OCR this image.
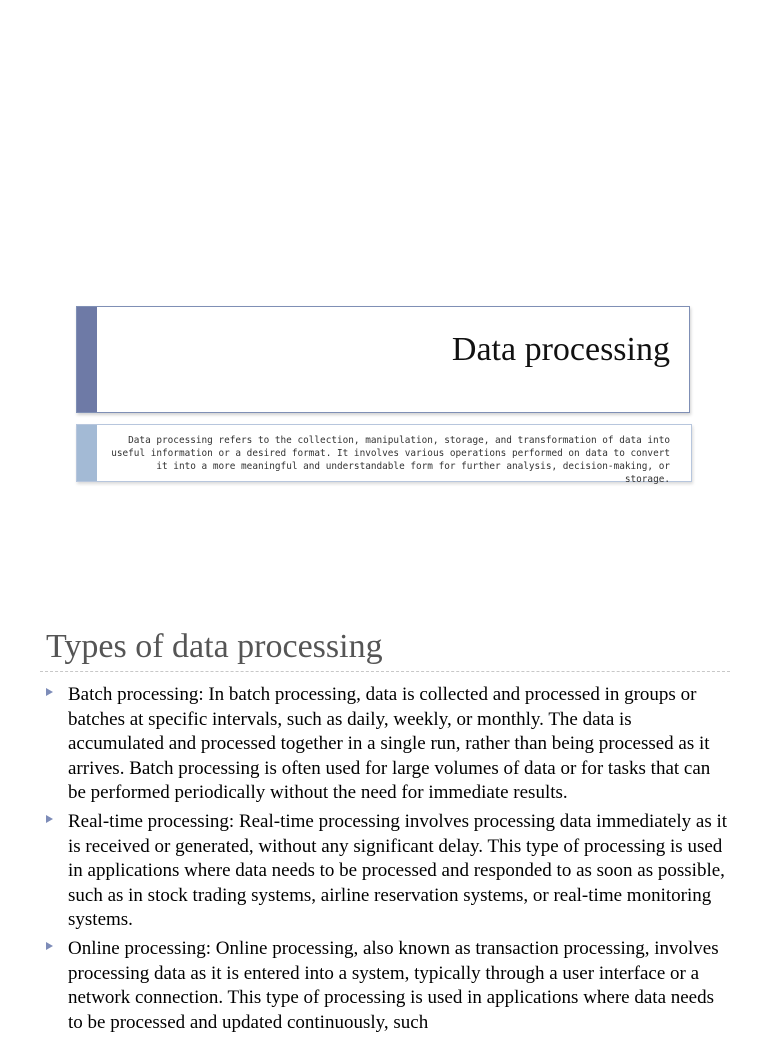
Data processing
Data processing refers to the collection, manipulation, storage, and transformation of data into useful information or a desired format. It involves various operations performed on data to convert it into a more meaningful and understandable form for further analysis, decision-making, or storage.
Types of data processing
Batch processing: In batch processing, data is collected and processed in groups or batches at specific intervals, such as daily, weekly, or monthly. The data is accumulated and processed together in a single run, rather than being processed as it arrives. Batch processing is often used for large volumes of data or for tasks that can be performed periodically without the need for immediate results.
Real-time processing: Real-time processing involves processing data immediately as it is received or generated, without any significant delay. This type of processing is used in applications where data needs to be processed and responded to as soon as possible, such as in stock trading systems, airline reservation systems, or real-time monitoring systems.
Online processing: Online processing, also known as transaction processing, involves processing data as it is entered into a system, typically through a user interface or a network connection. This type of processing is used in applications where data needs to be processed and updated continuously, such
